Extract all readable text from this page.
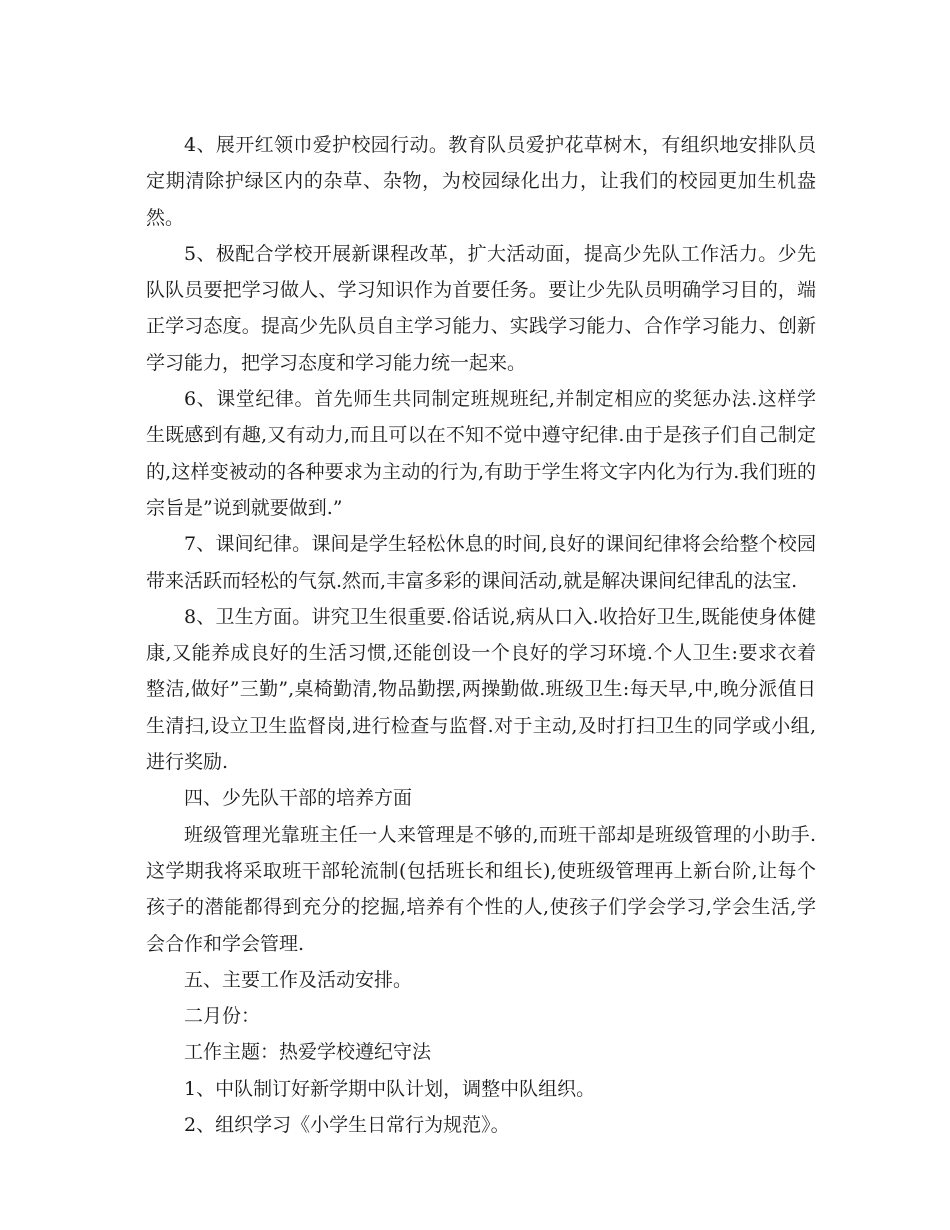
4、展开红领巾爱护校园行动。教育队员爱护花草树木，有组织地安排队员定期清除护绿区内的杂草、杂物，为校园绿化出力，让我们的校园更加生机盎然。

5、极配合学校开展新课程改革，扩大活动面，提高少先队工作活力。少先队队员要把学习做人、学习知识作为首要任务。要让少先队员明确学习目的，端正学习态度。提高少先队员自主学习能力、实践学习能力、合作学习能力、创新学习能力，把学习态度和学习能力统一起来。

6、课堂纪律。首先师生共同制定班规班纪,并制定相应的奖惩办法.这样学生既感到有趣,又有动力,而且可以在不知不觉中遵守纪律.由于是孩子们自己制定的,这样变被动的各种要求为主动的行为,有助于学生将文字内化为行为.我们班的宗旨是”说到就要做到.”

7、课间纪律。课间是学生轻松休息的时间,良好的课间纪律将会给整个校园带来活跃而轻松的气氛.然而,丰富多彩的课间活动,就是解决课间纪律乱的法宝.

8、卫生方面。讲究卫生很重要.俗话说,病从口入.收拾好卫生,既能使身体健康,又能养成良好的生活习惯,还能创设一个良好的学习环境.个人卫生:要求衣着整洁,做好”三勤”,桌椅勤清,物品勤摆,两操勤做.班级卫生:每天早,中,晚分派值日生清扫,设立卫生监督岗,进行检查与监督.对于主动,及时打扫卫生的同学或小组,进行奖励.

四、少先队干部的培养方面

班级管理光靠班主任一人来管理是不够的,而班干部却是班级管理的小助手.这学期我将采取班干部轮流制(包括班长和组长),使班级管理再上新台阶,让每个孩子的潜能都得到充分的挖掘,培养有个性的人,使孩子们学会学习,学会生活,学会合作和学会管理.

五、主要工作及活动安排。

二月份：

工作主题：热爱学校遵纪守法

1、中队制订好新学期中队计划，调整中队组织。

2、组织学习《小学生日常行为规范》。
